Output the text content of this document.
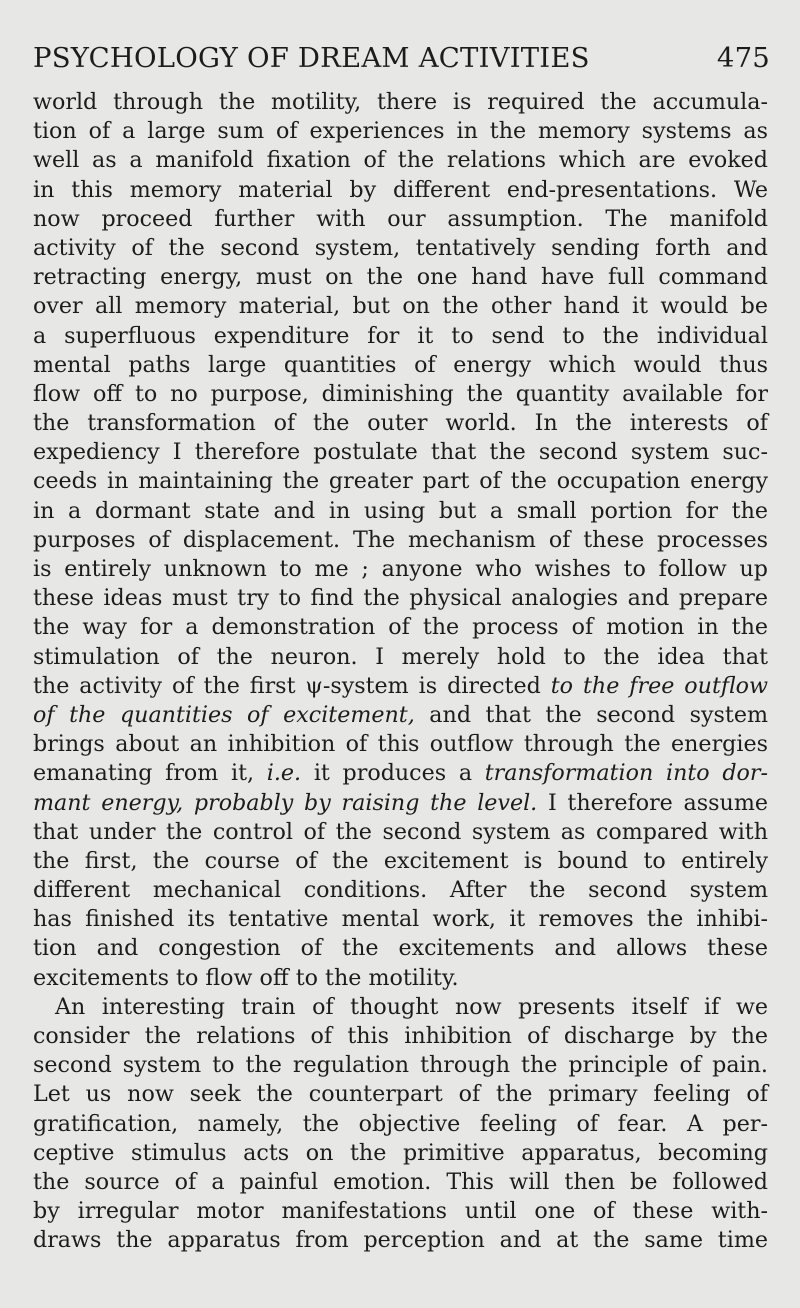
PSYCHOLOGY OF DREAM ACTIVITIES	475
world through the motility, there is required the accumula-
tion of a large sum of experiences in the memory systems as
well as a manifold fixation of the relations which are evoked
in this memory material by different end-presentations. We
now proceed further with our assumption. The manifold
activity of the second system, tentatively sending forth and
retracting energy, must on the one hand have full command
over all memory material, but on the other hand it would be
a superfluous expenditure for it to send to the individual
mental paths large quantities of energy which would thus
flow off to no purpose, diminishing the quantity available for
the transformation of the outer world. In the interests of
expediency I therefore postulate that the second system suc-
ceeds in maintaining the greater part of the occupation energy
in a dormant state and in using but a small portion for the
purposes of displacement. The mechanism of these processes
is entirely unknown to me ; anyone who wishes to follow up
these ideas must try to find the physical analogies and prepare
the way for a demonstration of the process of motion in the
stimulation of the neuron. I merely hold to the idea that
the activity of the first ψ-system is directed to the free outflow
of the quantities of excitement, and that the second system
brings about an inhibition of this outflow through the energies
emanating from it, i.e. it produces a transformation into dor-
mant energy, probably by raising the level. I therefore assume
that under the control of the second system as compared with
the first, the course of the excitement is bound to entirely
different mechanical conditions. After the second system
has finished its tentative mental work, it removes the inhibi-
tion and congestion of the excitements and allows these
excitements to flow off to the motility.
An interesting train of thought now presents itself if we
consider the relations of this inhibition of discharge by the
second system to the regulation through the principle of pain.
Let us now seek the counterpart of the primary feeling of
gratification, namely, the objective feeling of fear. A per-
ceptive stimulus acts on the primitive apparatus, becoming
the source of a painful emotion. This will then be followed
by irregular motor manifestations until one of these with-
draws the apparatus from perception and at the same time
